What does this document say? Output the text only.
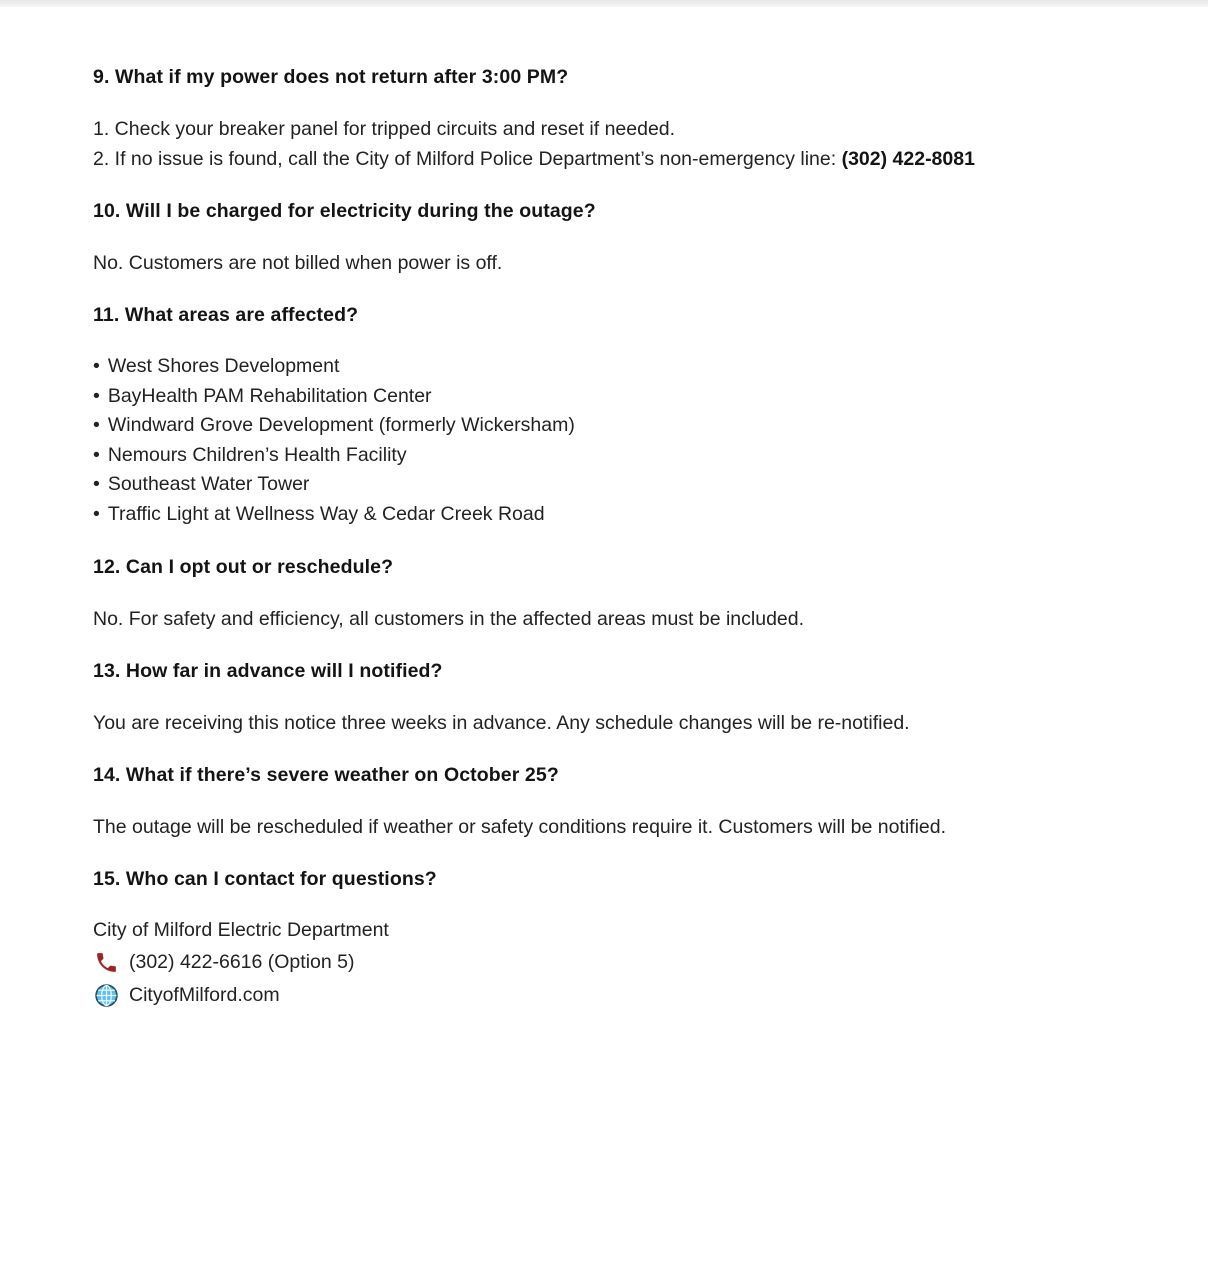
9. What if my power does not return after 3:00 PM?
1. Check your breaker panel for tripped circuits and reset if needed.
2. If no issue is found, call the City of Milford Police Department’s non-emergency line: (302) 422-8081
10. Will I be charged for electricity during the outage?

No. Customers are not billed when power is off.

11. What areas are affected?
• West Shores Development
• BayHealth PAM Rehabilitation Center
• Windward Grove Development (formerly Wickersham)
• Nemours Children’s Health Facility
• Southeast Water Tower
• Traffic Light at Wellness Way & Cedar Creek Road
12. Can I opt out or reschedule?

No. For safety and efficiency, all customers in the affected areas must be included.

13. How far in advance will I notified?

You are receiving this notice three weeks in advance. Any schedule changes will be re-notified.

14. What if there’s severe weather on October 25?

The outage will be rescheduled if weather or safety conditions require it. Customers will be notified.

15. Who can I contact for questions?
City of Milford Electric Department
(302) 422-6616 (Option 5)
CityofMilford.com
